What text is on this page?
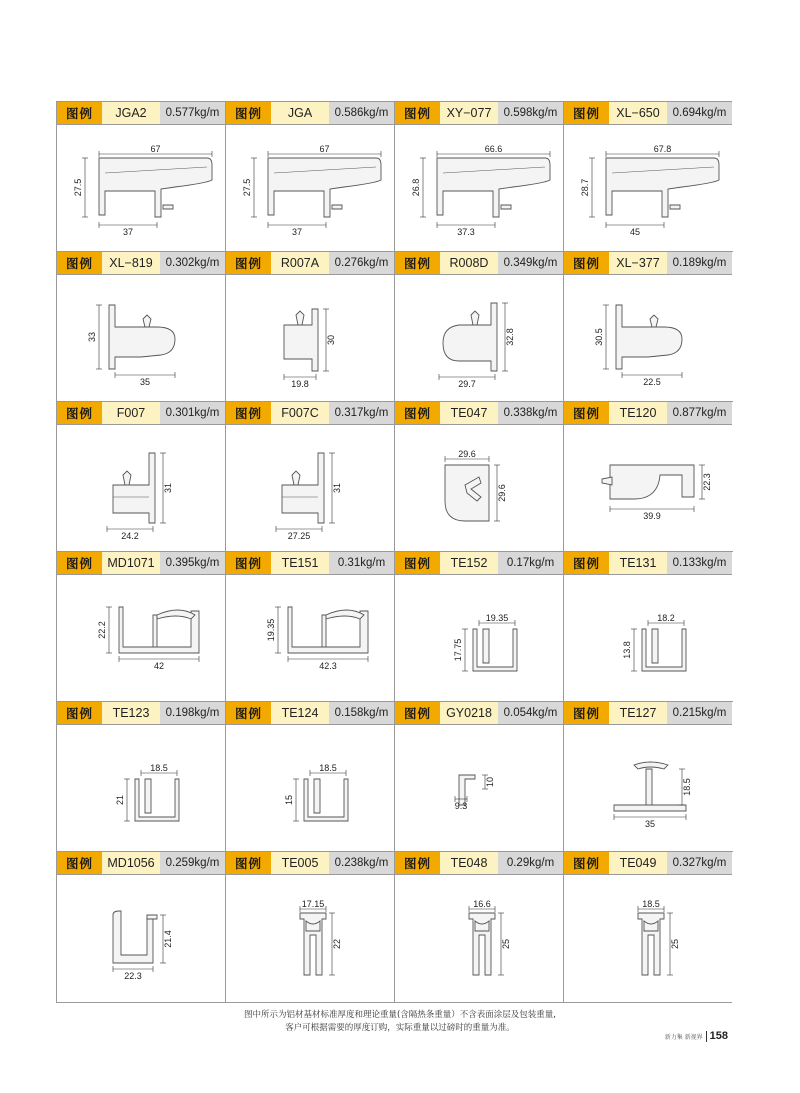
图例	JGA2	0.577kg/m
67
37
27.5
图例	JGA	0.586kg/m
67
37
27.5
图例	XY−077	0.598kg/m
66.6
37.3
26.8
图例	XL−650	0.694kg/m
67.8
45
28.7
图例	XL−819	0.302kg/m
33
35
图例	R007A	0.276kg/m
30
19.8
图例	R008D	0.349kg/m
32.8
29.7
图例	XL−377	0.189kg/m
30.5
22.5
图例	F007	0.301kg/m
31
24.2
图例	F007C	0.317kg/m
31
27.25
图例	TE047	0.338kg/m
29.6
29.6
图例	TE120	0.877kg/m
22.3
39.9
图例	MD1071 0.395kg/m
22.2
42
图例	TE151	0.31kg/m
19.35
42.3
图例	TE152	0.17kg/m
19.35
17.75
图例	TE131	0.133kg/m
18.2
13.8
图例	TE123	0.198kg/m
18.5
21
图例	TE124	0.158kg/m
18.5
15
图例	GY0218	0.054kg/m
10
9.3
图例	TE127	0.215kg/m
18.5
35
图例	MD1056 0.259kg/m
21.4
22.3
图例	TE005	0.238kg/m
17.15
22
图例	TE048	0.29kg/m
16.6
25
图例	TE049	0.327kg/m
18.5
25
图中所示为铝材基材标准厚度和理论重量(含隔热条重量）不含表面涂层及包装重量,
客户可根据需要的厚度订购，实际重量以过磅时的重量为准。
新力集 新视界 158
